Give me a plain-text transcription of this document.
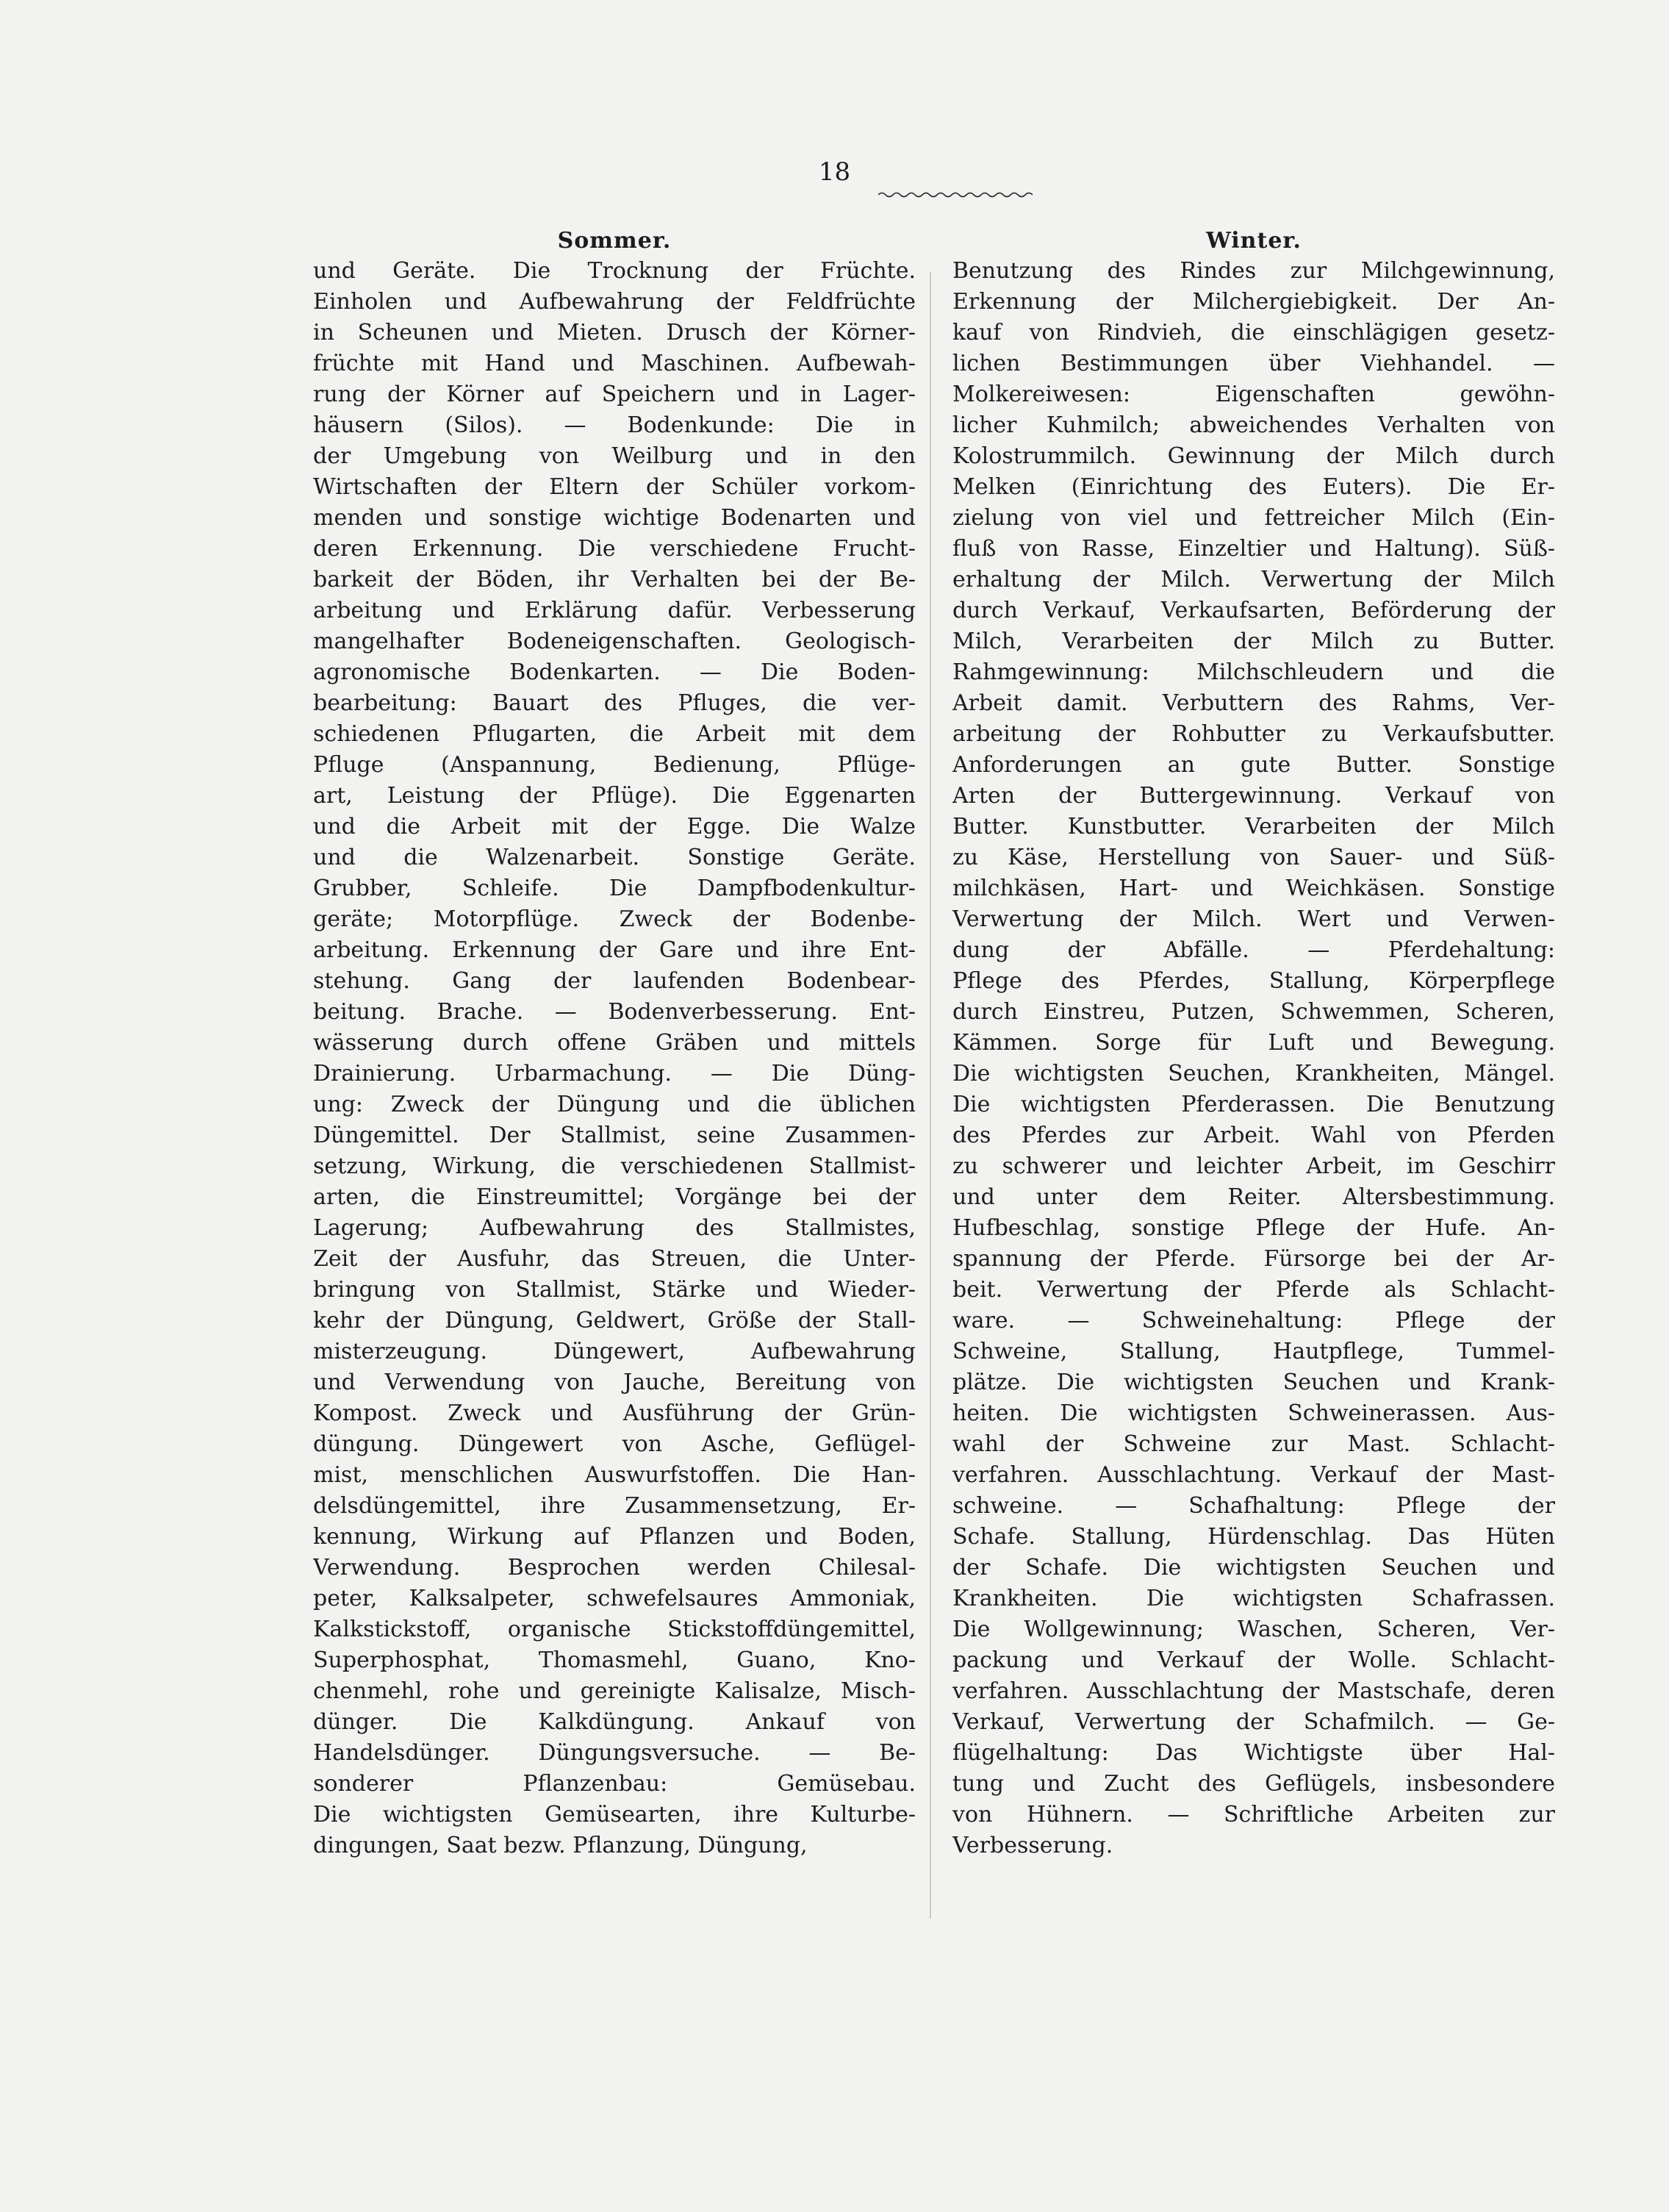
18
Sommer.
und Geräte. Die Trocknung der Früchte.
Einholen und Aufbewahrung der Feldfrüchte
in Scheunen und Mieten. Drusch der Körner-
früchte mit Hand und Maschinen. Aufbewah-
rung der Körner auf Speichern und in Lager-
häusern (Silos). — Bodenkunde: Die in
der Umgebung von Weilburg und in den
Wirtschaften der Eltern der Schüler vorkom-
menden und sonstige wichtige Bodenarten und
deren Erkennung. Die verschiedene Frucht-
barkeit der Böden, ihr Verhalten bei der Be-
arbeitung und Erklärung dafür. Verbesserung
mangelhafter Bodeneigenschaften. Geologisch-
agronomische Bodenkarten. — Die Boden-
bearbeitung: Bauart des Pfluges, die ver-
schiedenen Pflugarten, die Arbeit mit dem
Pfluge (Anspannung, Bedienung, Pflüge-
art, Leistung der Pflüge). Die Eggenarten
und die Arbeit mit der Egge. Die Walze
und die Walzenarbeit. Sonstige Geräte.
Grubber, Schleife. Die Dampfbodenkultur-
geräte; Motorpflüge. Zweck der Bodenbe-
arbeitung. Erkennung der Gare und ihre Ent-
stehung. Gang der laufenden Bodenbear-
beitung. Brache. — Bodenverbesserung. Ent-
wässerung durch offene Gräben und mittels
Drainierung. Urbarmachung. — Die Düng-
ung: Zweck der Düngung und die üblichen
Düngemittel. Der Stallmist, seine Zusammen-
setzung, Wirkung, die verschiedenen Stallmist-
arten, die Einstreumittel; Vorgänge bei der
Lagerung; Aufbewahrung des Stallmistes,
Zeit der Ausfuhr, das Streuen, die Unter-
bringung von Stallmist, Stärke und Wieder-
kehr der Düngung, Geldwert, Größe der Stall-
misterzeugung. Düngewert, Aufbewahrung
und Verwendung von Jauche, Bereitung von
Kompost. Zweck und Ausführung der Grün-
düngung. Düngewert von Asche, Geflügel-
mist, menschlichen Auswurfstoffen. Die Han-
delsdüngemittel, ihre Zusammensetzung, Er-
kennung, Wirkung auf Pflanzen und Boden,
Verwendung. Besprochen werden Chilesal-
peter, Kalksalpeter, schwefelsaures Ammoniak,
Kalkstickstoff, organische Stickstoffdüngemittel,
Superphosphat, Thomasmehl, Guano, Kno-
chenmehl, rohe und gereinigte Kalisalze, Misch-
dünger. Die Kalkdüngung. Ankauf von
Handelsdünger. Düngungsversuche. — Be-
sonderer Pflanzenbau: Gemüsebau.
Die wichtigsten Gemüsearten, ihre Kulturbe-
dingungen, Saat bezw. Pflanzung, Düngung,
Winter.
Benutzung des Rindes zur Milchgewinnung,
Erkennung der Milchergiebigkeit. Der An-
kauf von Rindvieh, die einschlägigen gesetz-
lichen Bestimmungen über Viehhandel. —
Molkereiwesen: Eigenschaften gewöhn-
licher Kuhmilch; abweichendes Verhalten von
Kolostrummilch. Gewinnung der Milch durch
Melken (Einrichtung des Euters). Die Er-
zielung von viel und fettreicher Milch (Ein-
fluß von Rasse, Einzeltier und Haltung). Süß-
erhaltung der Milch. Verwertung der Milch
durch Verkauf, Verkaufsarten, Beförderung der
Milch, Verarbeiten der Milch zu Butter.
Rahmgewinnung: Milchschleudern und die
Arbeit damit. Verbuttern des Rahms, Ver-
arbeitung der Rohbutter zu Verkaufsbutter.
Anforderungen an gute Butter. Sonstige
Arten der Buttergewinnung. Verkauf von
Butter. Kunstbutter. Verarbeiten der Milch
zu Käse, Herstellung von Sauer- und Süß-
milchkäsen, Hart- und Weichkäsen. Sonstige
Verwertung der Milch. Wert und Verwen-
dung der Abfälle. — Pferdehaltung:
Pflege des Pferdes, Stallung, Körperpflege
durch Einstreu, Putzen, Schwemmen, Scheren,
Kämmen. Sorge für Luft und Bewegung.
Die wichtigsten Seuchen, Krankheiten, Mängel.
Die wichtigsten Pferderassen. Die Benutzung
des Pferdes zur Arbeit. Wahl von Pferden
zu schwerer und leichter Arbeit, im Geschirr
und unter dem Reiter. Altersbestimmung.
Hufbeschlag, sonstige Pflege der Hufe. An-
spannung der Pferde. Fürsorge bei der Ar-
beit. Verwertung der Pferde als Schlacht-
ware. — Schweinehaltung: Pflege der
Schweine, Stallung, Hautpflege, Tummel-
plätze. Die wichtigsten Seuchen und Krank-
heiten. Die wichtigsten Schweinerassen. Aus-
wahl der Schweine zur Mast. Schlacht-
verfahren. Ausschlachtung. Verkauf der Mast-
schweine. — Schafhaltung: Pflege der
Schafe. Stallung, Hürdenschlag. Das Hüten
der Schafe. Die wichtigsten Seuchen und
Krankheiten. Die wichtigsten Schafrassen.
Die Wollgewinnung; Waschen, Scheren, Ver-
packung und Verkauf der Wolle. Schlacht-
verfahren. Ausschlachtung der Mastschafe, deren
Verkauf, Verwertung der Schafmilch. — Ge-
flügelhaltung: Das Wichtigste über Hal-
tung und Zucht des Geflügels, insbesondere
von Hühnern. — Schriftliche Arbeiten zur
Verbesserung.
